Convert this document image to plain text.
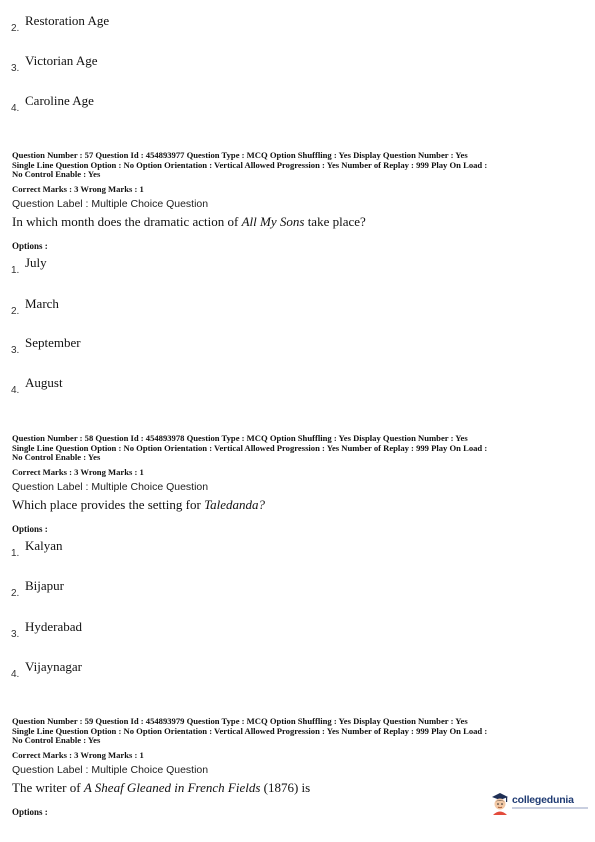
2.
Restoration Age
3.
Victorian Age
4.
Caroline Age
Question Number : 57 Question Id : 454893977 Question Type : MCQ Option Shuffling : Yes Display Question Number : Yes
Single Line Question Option : No Option Orientation : Vertical Allowed Progression : Yes Number of Replay : 999 Play On Load :
No Control Enable : Yes
Correct Marks : 3 Wrong Marks : 1
Question Label : Multiple Choice Question
In which month does the dramatic action of All My Sons take place?
Options :
1.
July
2.
March
3.
September
4.
August
Question Number : 58 Question Id : 454893978 Question Type : MCQ Option Shuffling : Yes Display Question Number : Yes
Single Line Question Option : No Option Orientation : Vertical Allowed Progression : Yes Number of Replay : 999 Play On Load :
No Control Enable : Yes
Correct Marks : 3 Wrong Marks : 1
Question Label : Multiple Choice Question
Which place provides the setting for Taledanda?
Options :
1.
Kalyan
2.
Bijapur
3.
Hyderabad
4.
Vijaynagar
Question Number : 59 Question Id : 454893979 Question Type : MCQ Option Shuffling : Yes Display Question Number : Yes
Single Line Question Option : No Option Orientation : Vertical Allowed Progression : Yes Number of Replay : 999 Play On Load :
No Control Enable : Yes
Correct Marks : 3 Wrong Marks : 1
Question Label : Multiple Choice Question
The writer of A Sheaf Gleaned in French Fields (1876) is
Options :
collegedunia
